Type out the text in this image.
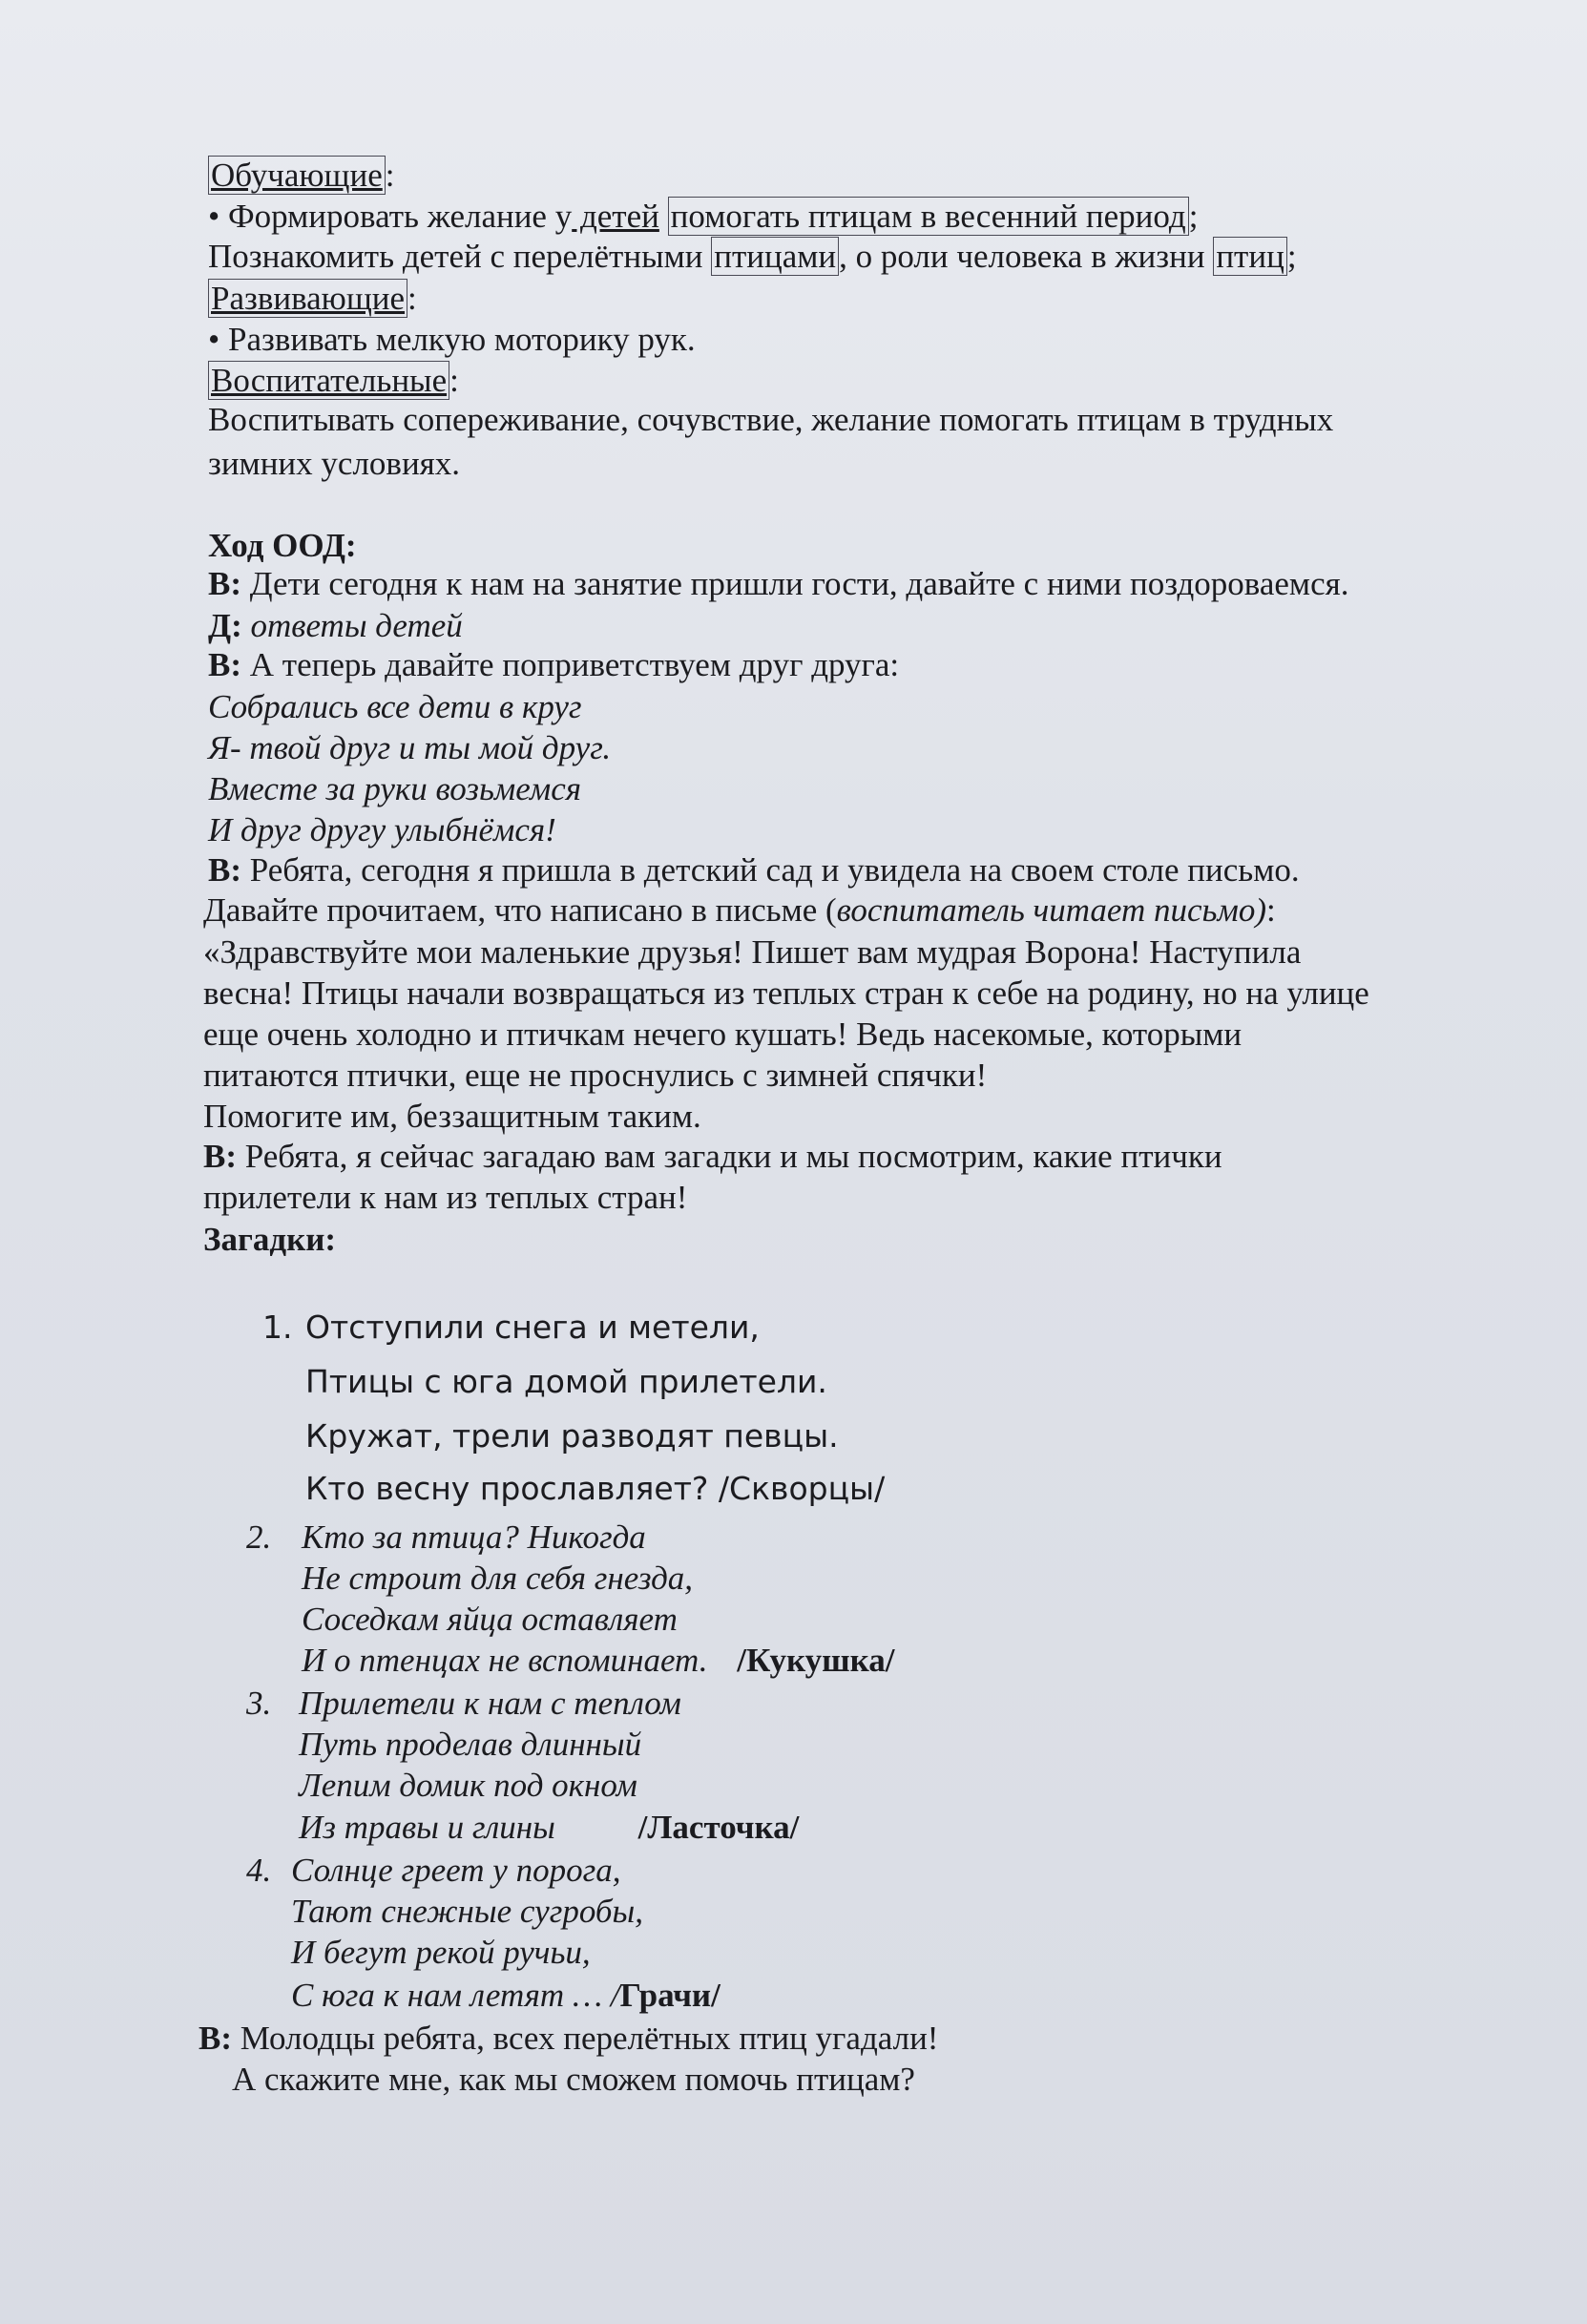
Обучающие:
• Формировать желание у детей помогать птицам в весенний период;
Познакомить детей с перелётными птицами, о роли человека в жизни птиц;
Развивающие:
• Развивать мелкую моторику рук.
Воспитательные:
Воспитывать сопереживание, сочувствие, желание помогать птицам в трудных
зимних условиях.
Ход ООД:
В: Дети сегодня к нам на занятие пришли гости, давайте с ними поздороваемся.
Д: ответы детей
В: А теперь давайте поприветствуем друг друга:
Собрались все дети в круг
Я- твой друг и ты мой друг.
Вместе за руки возьмемся
И друг другу улыбнёмся!
В: Ребята, сегодня я пришла в детский сад и увидела на своем столе письмо.
Давайте прочитаем, что написано в письме (воспитатель читает письмо):
«Здравствуйте мои маленькие друзья! Пишет вам мудрая Ворона! Наступила
весна! Птицы начали возвращаться из теплых стран к себе на родину, но на улице
еще очень холодно и птичкам нечего кушать! Ведь насекомые, которыми
питаются птички, еще не проснулись с зимней спячки!
Помогите им, беззащитным таким.
В: Ребята, я сейчас загадаю вам загадки и мы посмотрим, какие птички
прилетели к нам из теплых стран!
Загадки:
1. Отступили снега и метели,
Птицы с юга домой прилетели.
Кружат, трели разводят певцы.
Кто весну прославляет? /Скворцы/
2. Кто за птица? Никогда
Не строит для себя гнезда,
Соседкам яйца оставляет
И о птенцах не вспоминает. /Кукушка/
3. Прилетели к нам с теплом
Путь проделав длинный
Лепим домик под окном
Из травы и глины /Ласточка/
4. Солнце греет у порога,
Тают снежные сугробы,
И бегут рекой ручьи,
С юга к нам летят … /Грачи/
В: Молодцы ребята, всех перелётных птиц угадали!
А скажите мне, как мы сможем помочь птицам?
